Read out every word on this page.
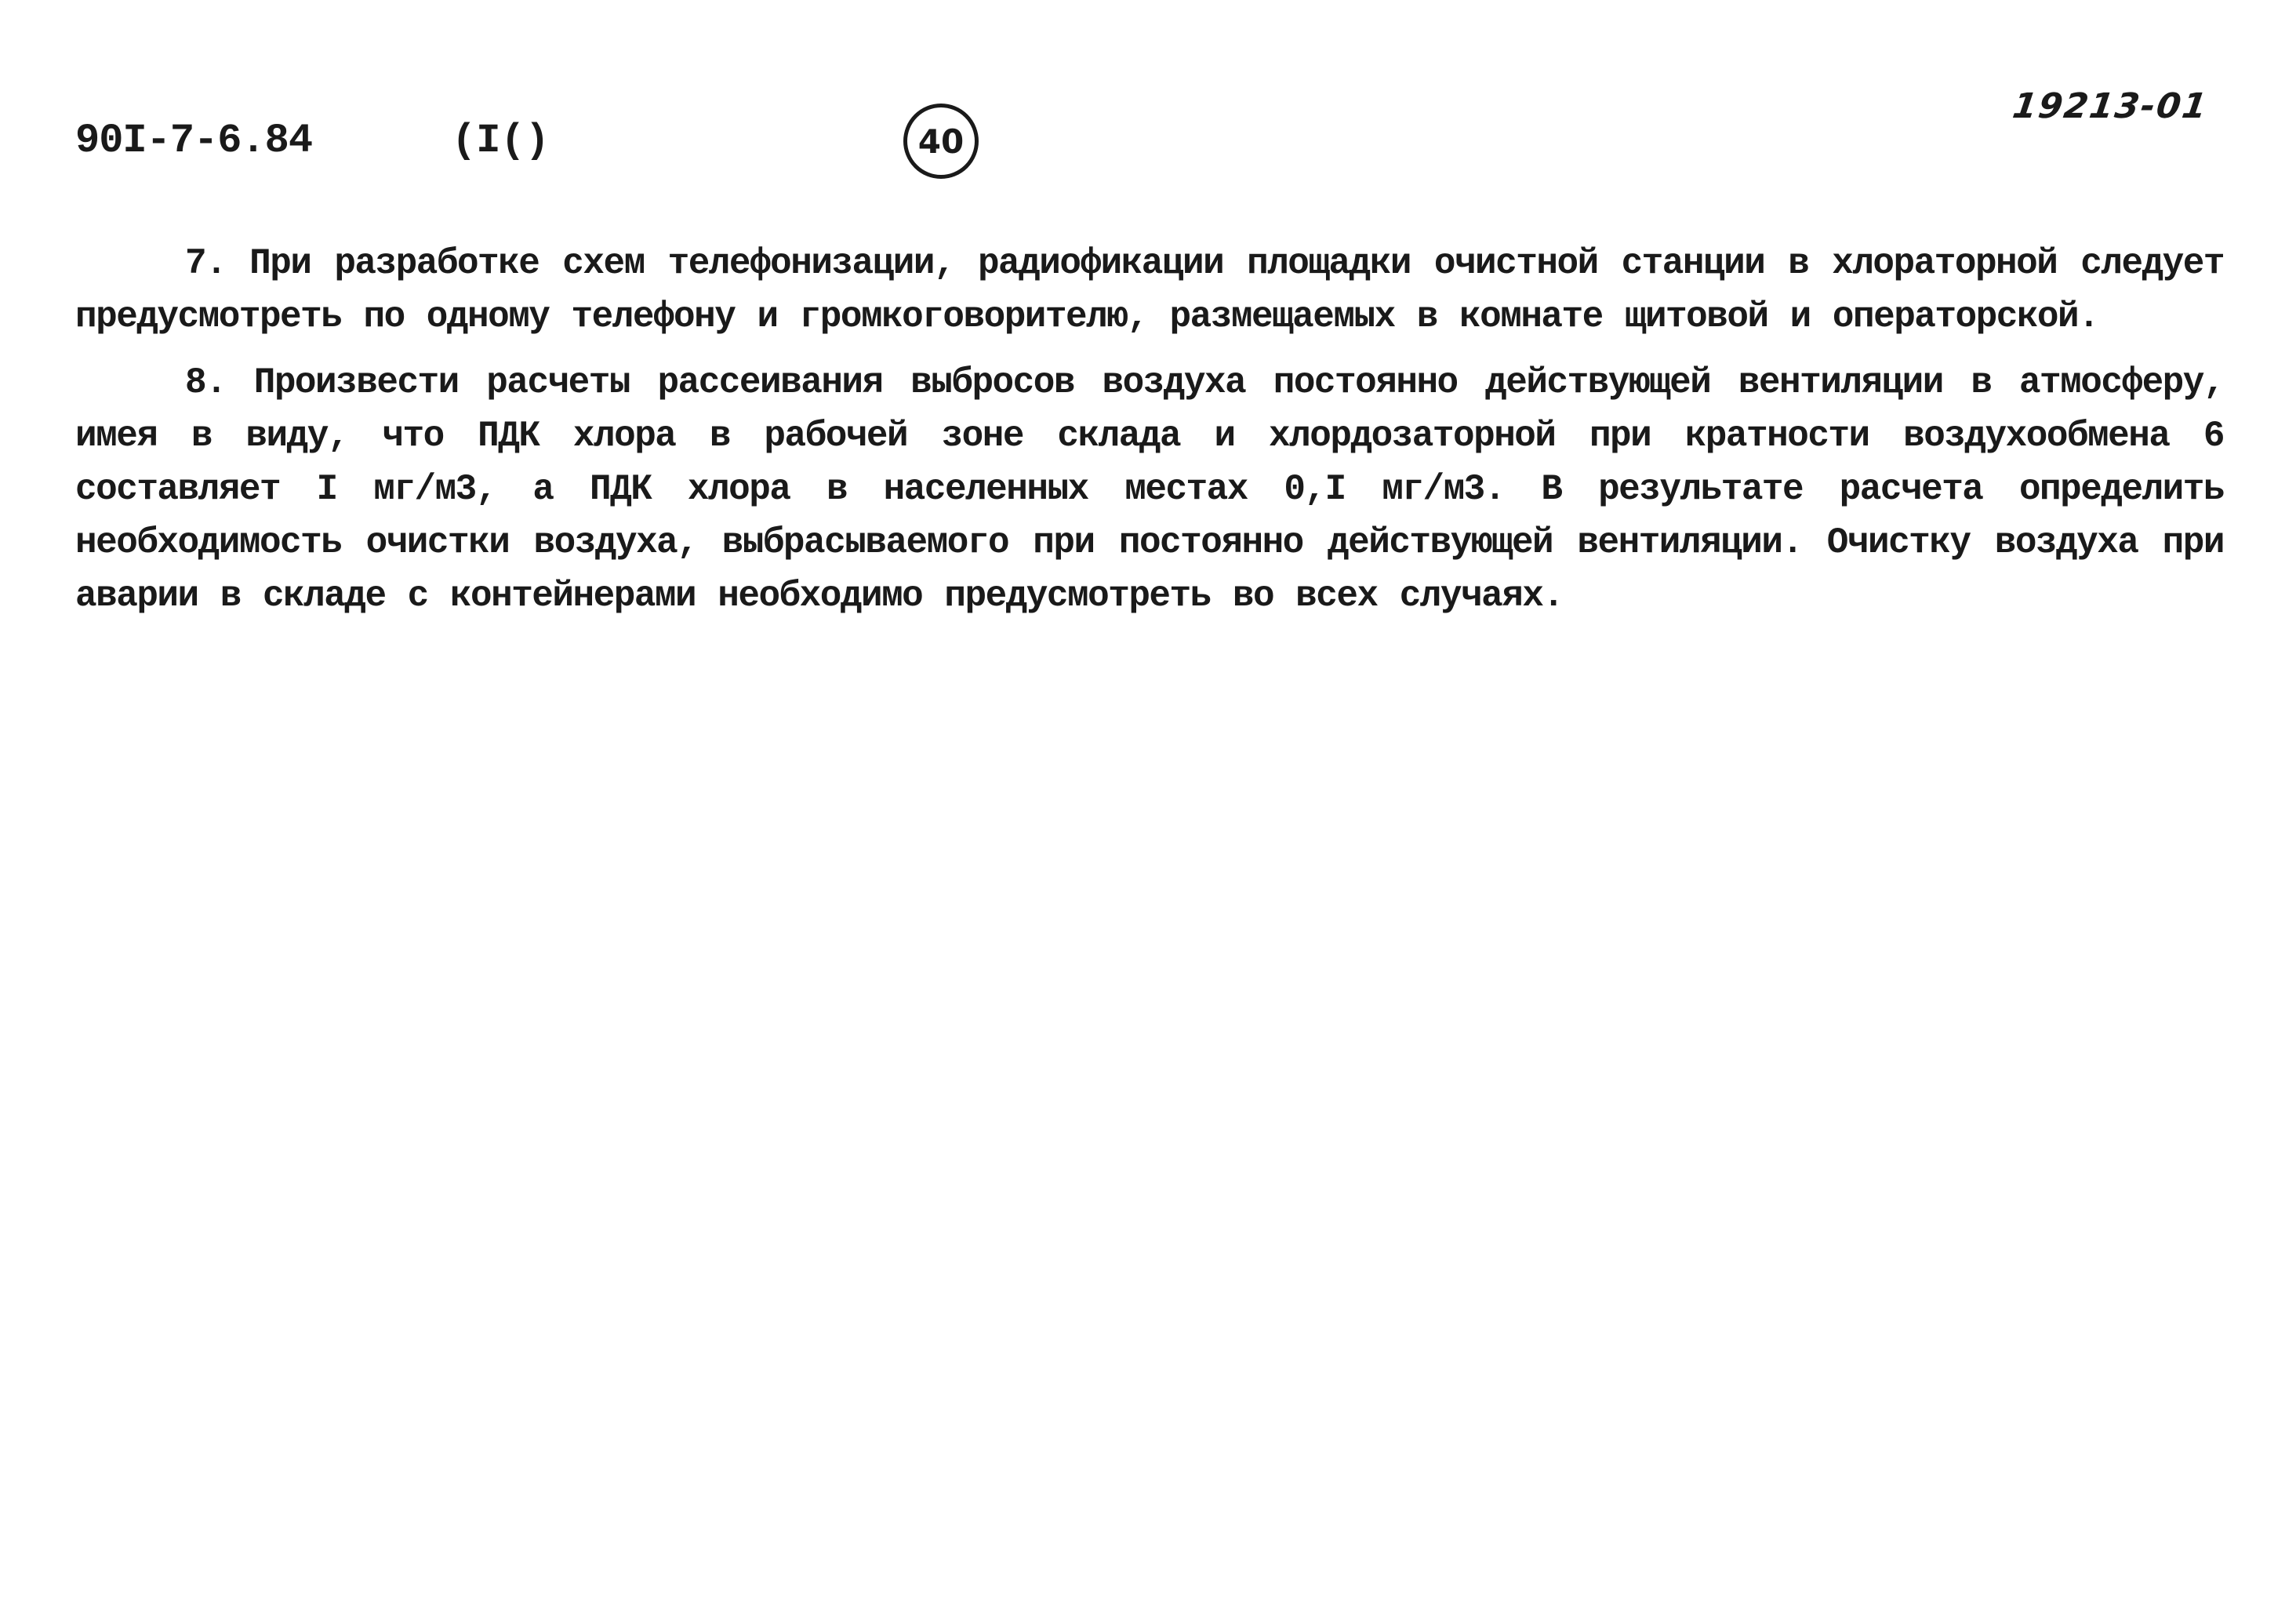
90I-7-6.84	(I()	40
19213-01

7. При разработке схем телефонизации, радиофикации площадки очистной станции в хлораторной следует предусмотреть по одному телефону и громкоговорителю, размещаемых в комнате щитовой и операторской.

8. Произвести расчеты рассеивания выбросов воздуха постоянно действующей вентиляции в атмосферу, имея в виду, что ПДК хлора в рабочей зоне склада и хлордозаторной при кратности воздухообмена 6 составляет I мг/м3, а ПДК хлора в населенных местах 0,I мг/м3. В результате расчета определить необходимость очистки воздуха, выбрасываемого при постоянно действующей вентиляции. Очистку воздуха при аварии в складе с контейнерами необходимо предусмотреть во всех случаях.
